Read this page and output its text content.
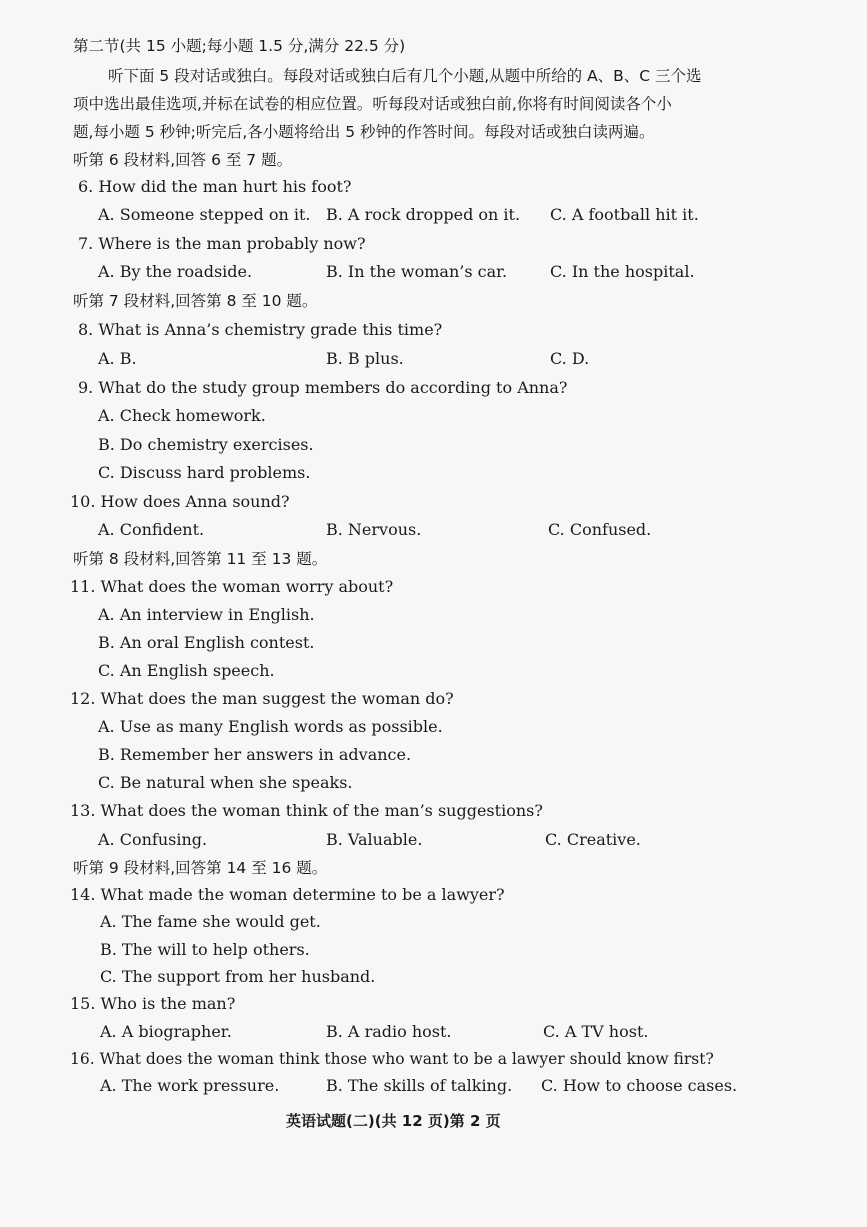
第二节(共 15 小题;每小题 1.5 分,满分 22.5 分)
听下面 5 段对话或独白。每段对话或独白后有几个小题,从题中所给的 A、B、C 三个选
项中选出最佳选项,并标在试卷的相应位置。听每段对话或独白前,你将有时间阅读各个小
题,每小题 5 秒钟;听完后,各小题将给出 5 秒钟的作答时间。每段对话或独白读两遍。
听第 6 段材料,回答 6 至 7 题。
6. How did the man hurt his foot?
A. Someone stepped on it. B. A rock dropped on it. C. A football hit it.
7. Where is the man probably now?
A. By the roadside.	B. In the woman’s car.	C. In the hospital.
听第 7 段材料,回答第 8 至 10 题。
8. What is Anna’s chemistry grade this time?
A. B.	B. B plus.	C. D.
9. What do the study group members do according to Anna?
A. Check homework.
B. Do chemistry exercises.
C. Discuss hard problems.
10. How does Anna sound?
A. Confident.	B. Nervous.	C. Confused.
听第 8 段材料,回答第 11 至 13 题。
11. What does the woman worry about?
A. An interview in English.
B. An oral English contest.
C. An English speech.
12. What does the man suggest the woman do?
A. Use as many English words as possible.
B. Remember her answers in advance.
C. Be natural when she speaks.
13. What does the woman think of the man’s suggestions?
A. Confusing.	B. Valuable.	C. Creative.
听第 9 段材料,回答第 14 至 16 题。
14. What made the woman determine to be a lawyer?
A. The fame she would get.
B. The will to help others.
C. The support from her husband.
15. Who is the man?
A. A biographer.	B. A radio host.	C. A TV host.
16. What does the woman think those who want to be a lawyer should know first?
A. The work pressure.	B. The skills of talking. C. How to choose cases.
英语试题(二)(共 12 页)第 2 页
